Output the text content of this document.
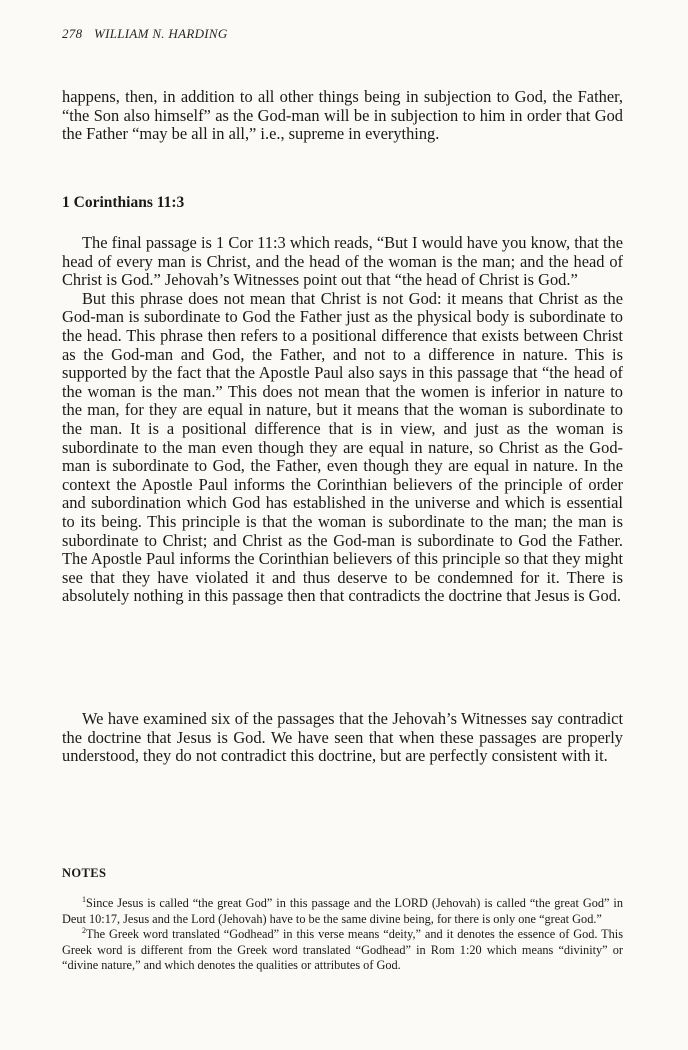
278 WILLIAM N. HARDING

happens, then, in addition to all other things being in subjection to God, the Father, “the Son also himself” as the God-man will be in subjection to him in order that God the Father “may be all in all,” i.e., supreme in everything.

1 Corinthians 11:3

The final passage is 1 Cor 11:3 which reads, “But I would have you know, that the head of every man is Christ, and the head of the woman is the man; and the head of Christ is God.” Jehovah’s Witnesses point out that “the head of Christ is God.”

But this phrase does not mean that Christ is not God: it means that Christ as the God-man is subordinate to God the Father just as the physical body is subordinate to the head. This phrase then refers to a positional difference that exists between Christ as the God-man and God, the Father, and not to a difference in nature. This is supported by the fact that the Apostle Paul also says in this passage that “the head of the woman is the man.” This does not mean that the women is inferior in nature to the man, for they are equal in nature, but it means that the woman is subordinate to the man. It is a positional difference that is in view, and just as the woman is subordinate to the man even though they are equal in nature, so Christ as the God-man is subordinate to God, the Father, even though they are equal in nature. In the context the Apostle Paul informs the Corinthian believers of the principle of order and subordination which God has established in the universe and which is essential to its being. This principle is that the woman is subordinate to the man; the man is subordinate to Christ; and Christ as the God-man is subordinate to God the Father. The Apostle Paul informs the Corinthian believers of this principle so that they might see that they have violated it and thus deserve to be condemned for it. There is absolutely nothing in this passage then that contradicts the doctrine that Jesus is God.

We have examined six of the passages that the Jehovah’s Witnesses say contradict the doctrine that Jesus is God. We have seen that when these passages are properly understood, they do not contradict this doctrine, but are perfectly consistent with it.

NOTES

$^1$Since Jesus is called “the great God” in this passage and the LORD (Jehovah) is called “the great God” in Deut 10:17, Jesus and the Lord (Jehovah) have to be the same divine being, for there is only one “great God.”

$^2$The Greek word translated “Godhead” in this verse means “deity,” and it denotes the essence of God. This Greek word is different from the Greek word translated “Godhead” in Rom 1:20 which means “divinity” or “divine nature,” and which denotes the qualities or attributes of God.
